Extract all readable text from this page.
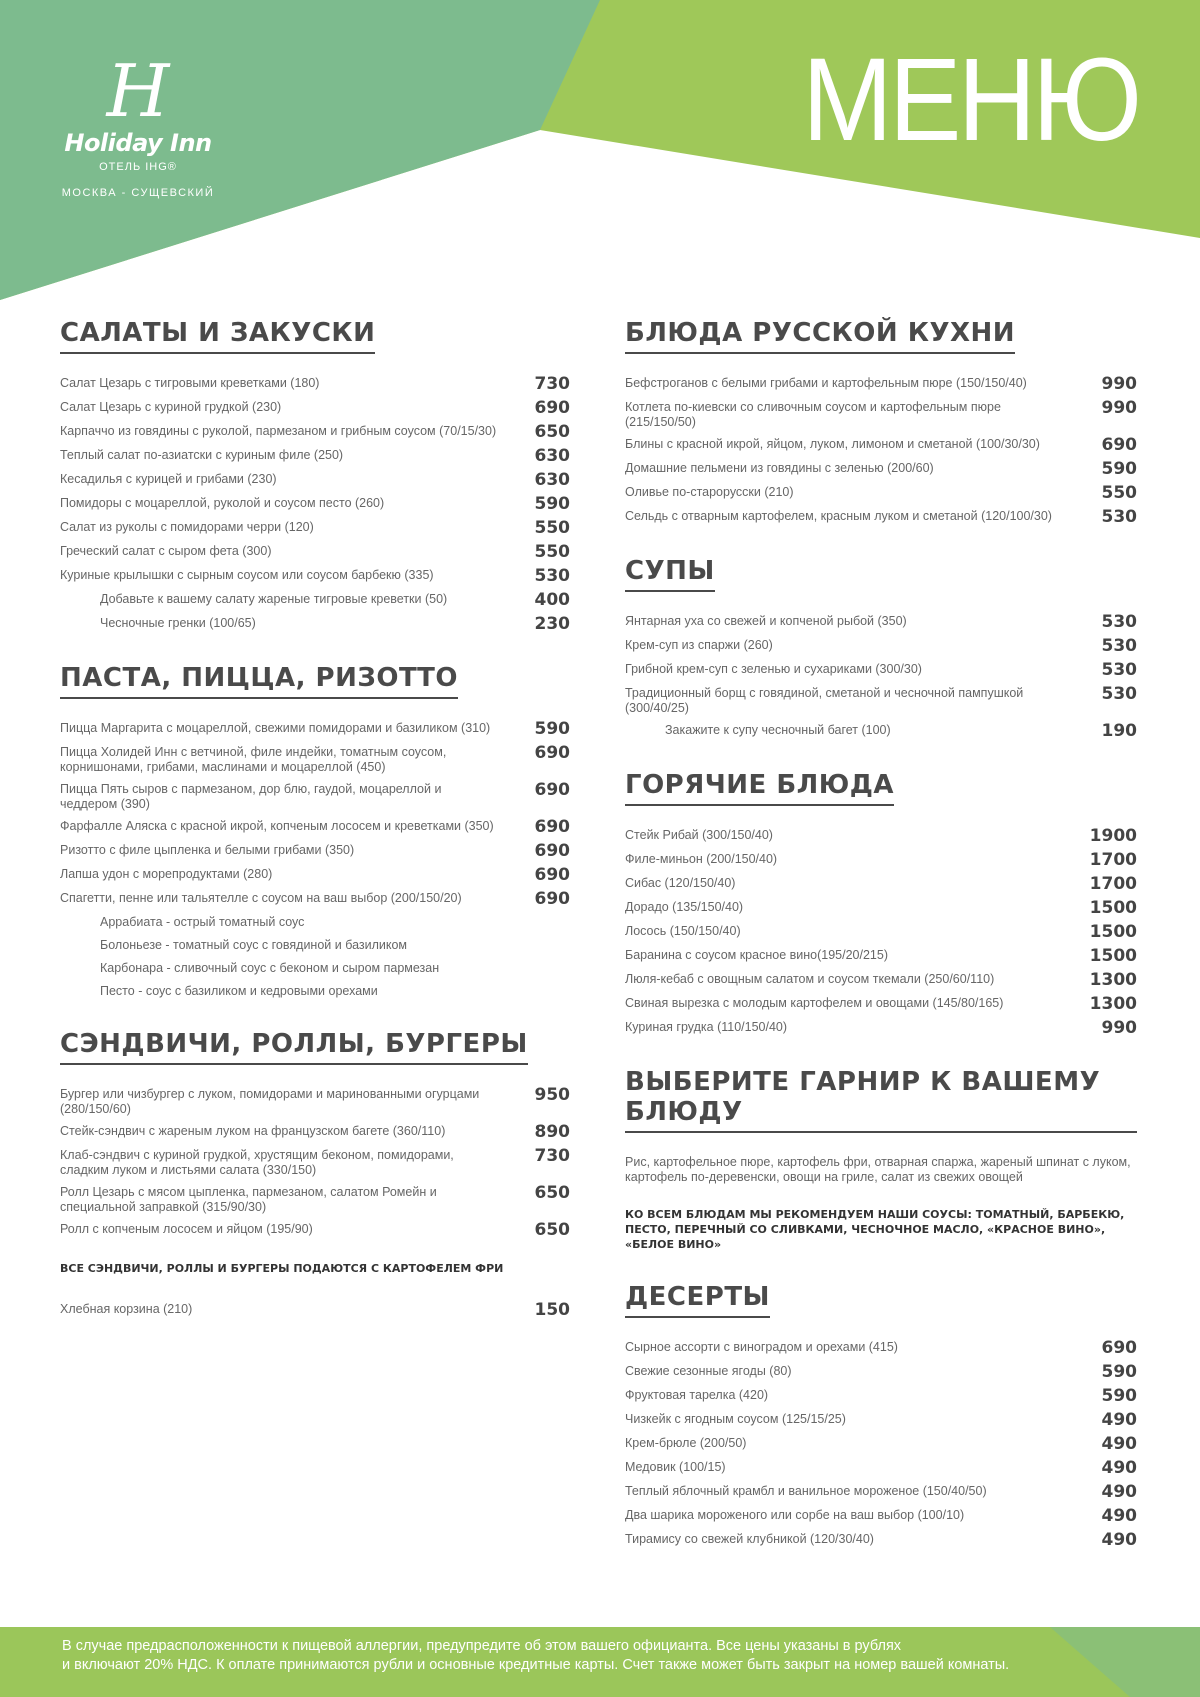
H
Holiday Inn
ОТЕЛЬ IHG®
МОСКВА - СУЩЕВСКИЙ
МЕНЮ
САЛАТЫ И ЗАКУСКИ
Салат Цезарь с тигровыми креветками (180)	730
Салат Цезарь с куриной грудкой (230)	690
Карпаччо из говядины с руколой, пармезаном и грибным соусом (70/15/30) 650
Теплый салат по-азиатски с куриным филе (250)	630
Кесадилья с курицей и грибами (230)	630
Помидоры с моцареллой, руколой и соусом песто (260)	590
Салат из руколы с помидорами черри (120)	550
Греческий салат с сыром фета (300)	550
Куриные крылышки с сырным соусом или соусом барбекю (335)	530
Добавьте к вашему салату жареные тигровые креветки (50)	400
Чесночные гренки (100/65)	230
ПАСТА, ПИЦЦА, РИЗОТТО
Пицца Маргарита с моцареллой, свежими помидорами и базиликом (310)	590
Пицца Холидей Инн с ветчиной, филе индейки, томатным соусом, корнишонами, грибами, маслинами и моцареллой (450)
690
Пицца Пять сыров с пармезаном, дор блю, гаудой, моцареллой и чеддером (390)
690
Фарфалле Аляска с красной икрой, копченым лососем и креветками (350) 690
Ризотто с филе цыпленка и белыми грибами (350)	690
Лапша удон с морепродуктами (280)	690
Спагетти, пенне или тальятелле с соусом на ваш выбор (200/150/20)	690
Аррабиата - острый томатный соус
Болоньезе - томатный соус с говядиной и базиликом
Карбонара - сливочный соус с беконом и сыром пармезан
Песто - соус с базиликом и кедровыми орехами
СЭНДВИЧИ, РОЛЛЫ, БУРГЕРЫ
Бургер или чизбургер с луком, помидорами и маринованными огурцами (280/150/60)
950
Стейк-сэндвич с жареным луком на французском багете (360/110)	890
Клаб-сэндвич с куриной грудкой, хрустящим беконом, помидорами, сладким луком и листьями салата (330/150)
730
Ролл Цезарь с мясом цыпленка, пармезаном, салатом Ромейн и специальной заправкой (315/90/30)
650
Ролл с копченым лососем и яйцом (195/90)	650
ВСЕ СЭНДВИЧИ, РОЛЛЫ И БУРГЕРЫ ПОДАЮТСЯ С КАРТОФЕЛЕМ ФРИ
Хлебная корзина (210)	150
БЛЮДА РУССКОЙ КУХНИ
Бефстроганов с белыми грибами и картофельным пюре (150/150/40)	990
Котлета по-киевски со сливочным соусом и картофельным пюре (215/150/50)
990
Блины с красной икрой, яйцом, луком, лимоном и сметаной (100/30/30)	690
Домашние пельмени из говядины с зеленью (200/60)	590
Оливье по-старорусски (210)	550
Сельдь с отварным картофелем, красным луком и сметаной (120/100/30)	530
СУПЫ
Янтарная уха со свежей и копченой рыбой (350)	530
Крем-суп из спаржи (260)	530
Грибной крем-суп с зеленью и сухариками (300/30)	530
Традиционный борщ с говядиной, сметаной и чесночной пампушкой (300/40/25)
530
Закажите к супу чесночный багет (100)	190
ГОРЯЧИЕ БЛЮДА
Стейк Рибай (300/150/40)	1900
Филе-миньон (200/150/40)	1700
Сибас (120/150/40)	1700
Дорадо (135/150/40)	1500
Лосось (150/150/40)	1500
Баранина с соусом красное вино(195/20/215)	1500
Люля-кебаб с овощным салатом и соусом ткемали (250/60/110)	1300
Свиная вырезка с молодым картофелем и овощами (145/80/165)	1300
Куриная грудка (110/150/40)	990
ВЫБЕРИТЕ ГАРНИР К ВАШЕМУ БЛЮДУ
Рис, картофельное пюре, картофель фри, отварная спаржа, жареный шпинат с луком, картофель по-деревенски, овощи на гриле, салат из свежих овощей
КО ВСЕМ БЛЮДАМ МЫ РЕКОМЕНДУЕМ НАШИ СОУСЫ: ТОМАТНЫЙ, БАРБЕКЮ, ПЕСТО, ПЕРЕЧНЫЙ СО СЛИВКАМИ, ЧЕСНОЧНОЕ МАСЛО, «КРАСНОЕ ВИНО», «БЕЛОЕ ВИНО»
ДЕСЕРТЫ
Сырное ассорти с виноградом и орехами (415)	690
Свежие сезонные ягоды (80)	590
Фруктовая тарелка (420)	590
Чизкейк с ягодным соусом (125/15/25)	490
Крем-брюле (200/50)	490
Медовик (100/15)	490
Теплый яблочный крамбл и ванильное мороженое (150/40/50)	490
Два шарика мороженого или сорбе на ваш выбор (100/10)	490
Тирамису со свежей клубникой (120/30/40)	490
В случае предрасположенности к пищевой аллергии, предупредите об этом вашего официанта. Все цены указаны в рублях
и включают 20% НДС. К оплате принимаются рубли и основные кредитные карты. Счет также может быть закрыт на номер вашей комнаты.
